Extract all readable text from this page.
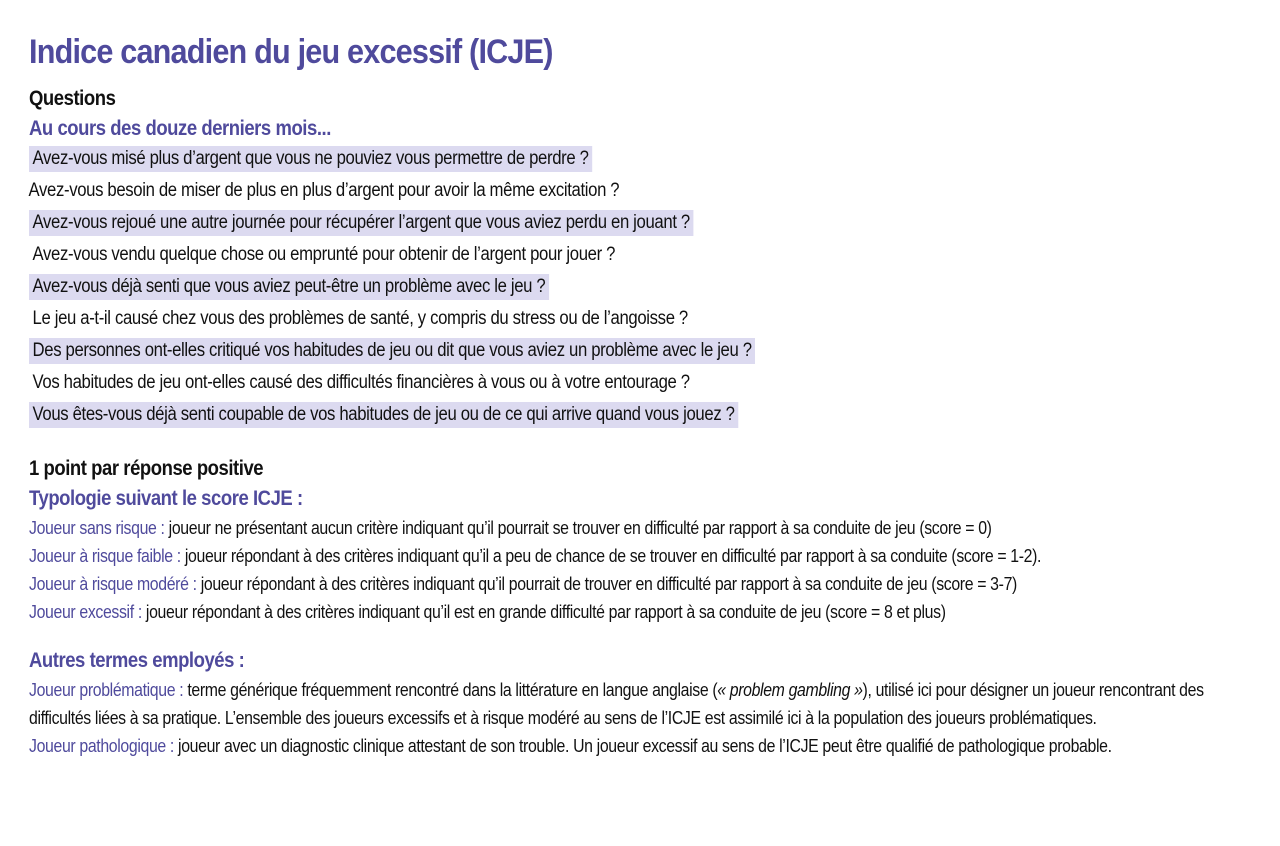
Indice canadien du jeu excessif (ICJE)
Questions
Au cours des douze derniers mois...
Avez-vous misé plus d’argent que vous ne pouviez vous permettre de perdre ?
Avez-vous besoin de miser de plus en plus d’argent pour avoir la même excitation ?
Avez-vous rejoué une autre journée pour récupérer l’argent que vous aviez perdu en jouant ?
Avez-vous vendu quelque chose ou emprunté pour obtenir de l’argent pour jouer ?
Avez-vous déjà senti que vous aviez peut-être un problème avec le jeu ?
Le jeu a-t-il causé chez vous des problèmes de santé, y compris du stress ou de l’angoisse ?
Des personnes ont-elles critiqué vos habitudes de jeu ou dit que vous aviez un problème avec le jeu ?
Vos habitudes de jeu ont-elles causé des difficultés financières à vous ou à votre entourage ?
Vous êtes-vous déjà senti coupable de vos habitudes de jeu ou de ce qui arrive quand vous jouez ?
1 point par réponse positive
Typologie suivant le score ICJE :
Joueur sans risque : joueur ne présentant aucun critère indiquant qu’il pourrait se trouver en difficulté par rapport à sa conduite de jeu (score = 0)
Joueur à risque faible : joueur répondant à des critères indiquant qu’il a peu de chance de se trouver en difficulté par rapport à sa conduite (score = 1-2).
Joueur à risque modéré : joueur répondant à des critères indiquant qu’il pourrait de trouver en difficulté par rapport à sa conduite de jeu (score = 3-7)
Joueur excessif : joueur répondant à des critères indiquant qu’il est en grande difficulté par rapport à sa conduite de jeu (score = 8 et plus)
Autres termes employés :
Joueur problématique : terme générique fréquemment rencontré dans la littérature en langue anglaise (« problem gambling »), utilisé ici pour désigner un joueur rencontrant des difficultés liées à sa pratique. L’ensemble des joueurs excessifs et à risque modéré au sens de l’ICJE est assimilé ici à la population des joueurs problématiques.
Joueur pathologique : joueur avec un diagnostic clinique attestant de son trouble. Un joueur excessif au sens de l’ICJE peut être qualifié de pathologique probable.
